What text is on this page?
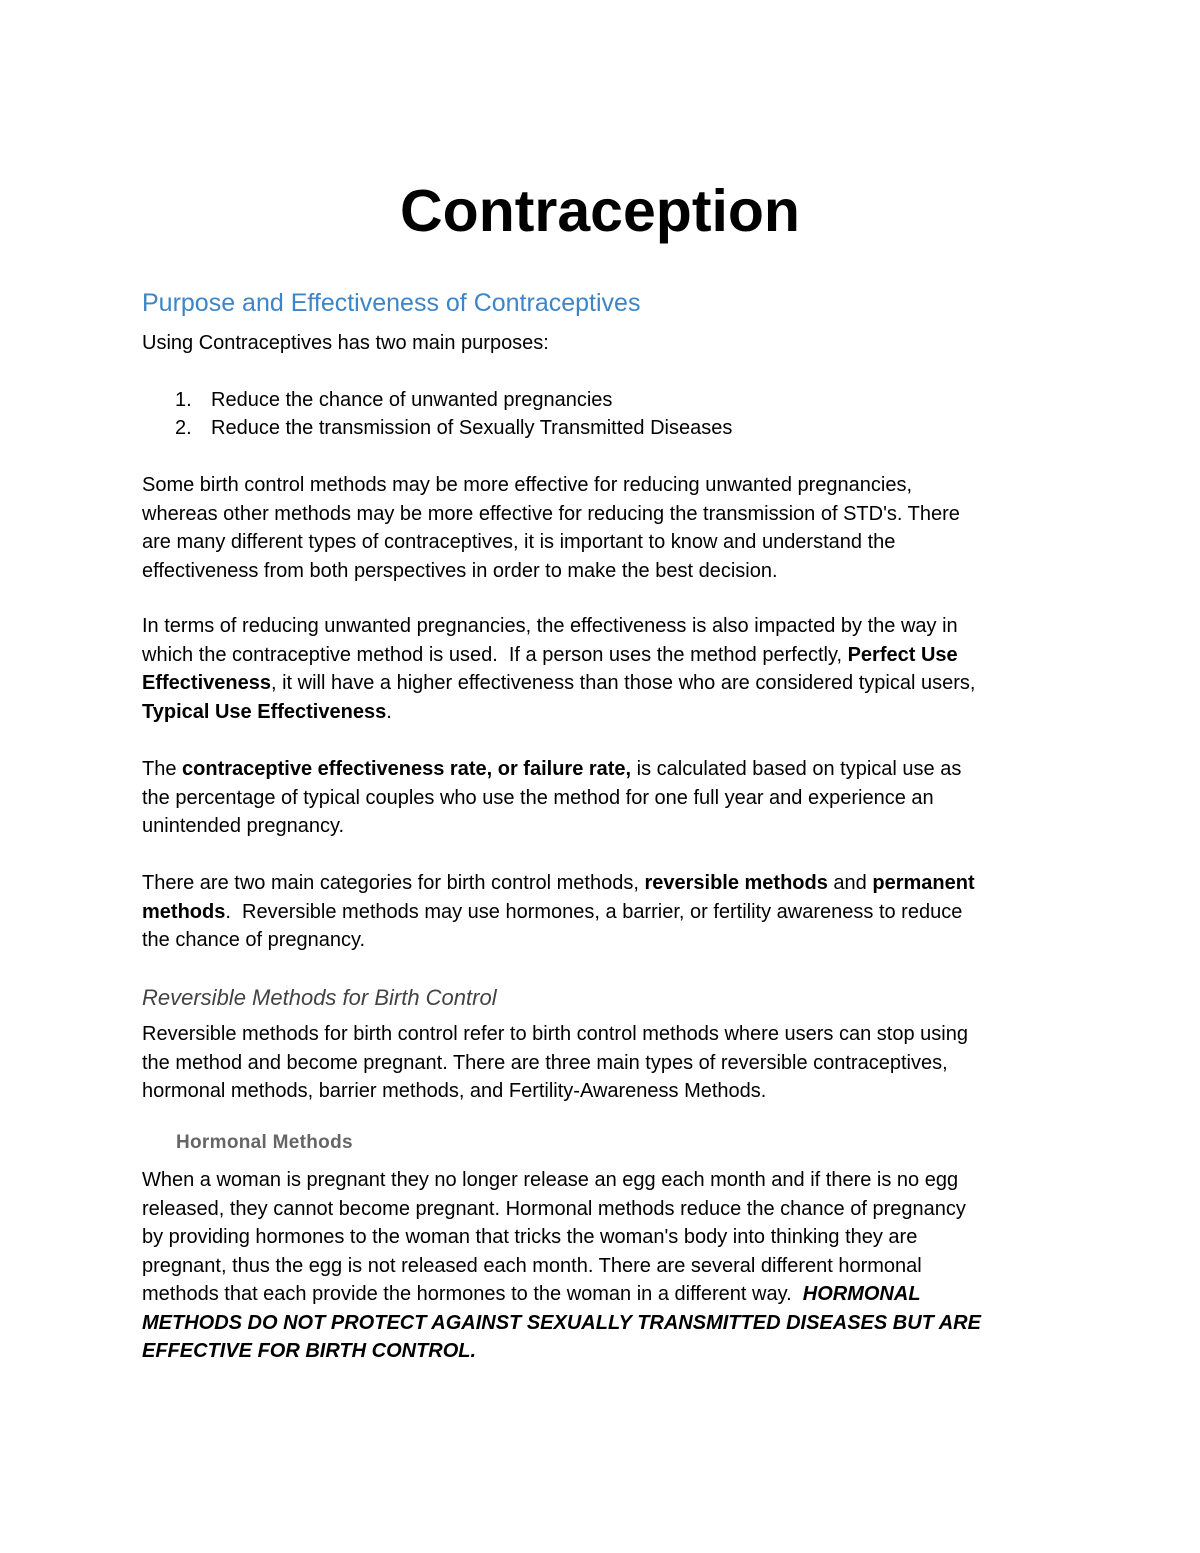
Contraception
Purpose and Effectiveness of Contraceptives
Using Contraceptives has two main purposes:
1. Reduce the chance of unwanted pregnancies
2. Reduce the transmission of Sexually Transmitted Diseases
Some birth control methods may be more effective for reducing unwanted pregnancies,
whereas other methods may be more effective for reducing the transmission of STD's. There
are many different types of contraceptives, it is important to know and understand the
effectiveness from both perspectives in order to make the best decision.
In terms of reducing unwanted pregnancies, the effectiveness is also impacted by the way in
which the contraceptive method is used.  If a person uses the method perfectly, Perfect Use
Effectiveness, it will have a higher effectiveness than those who are considered typical users,
Typical Use Effectiveness.
The contraceptive effectiveness rate, or failure rate, is calculated based on typical use as
the percentage of typical couples who use the method for one full year and experience an
unintended pregnancy.
There are two main categories for birth control methods, reversible methods and permanent
methods.  Reversible methods may use hormones, a barrier, or fertility awareness to reduce
the chance of pregnancy.
Reversible Methods for Birth Control
Reversible methods for birth control refer to birth control methods where users can stop using
the method and become pregnant. There are three main types of reversible contraceptives,
hormonal methods, barrier methods, and Fertility-Awareness Methods.
Hormonal Methods
When a woman is pregnant they no longer release an egg each month and if there is no egg
released, they cannot become pregnant. Hormonal methods reduce the chance of pregnancy
by providing hormones to the woman that tricks the woman's body into thinking they are
pregnant, thus the egg is not released each month. There are several different hormonal
methods that each provide the hormones to the woman in a different way.  HORMONAL
METHODS DO NOT PROTECT AGAINST SEXUALLY TRANSMITTED DISEASES BUT ARE
EFFECTIVE FOR BIRTH CONTROL.
